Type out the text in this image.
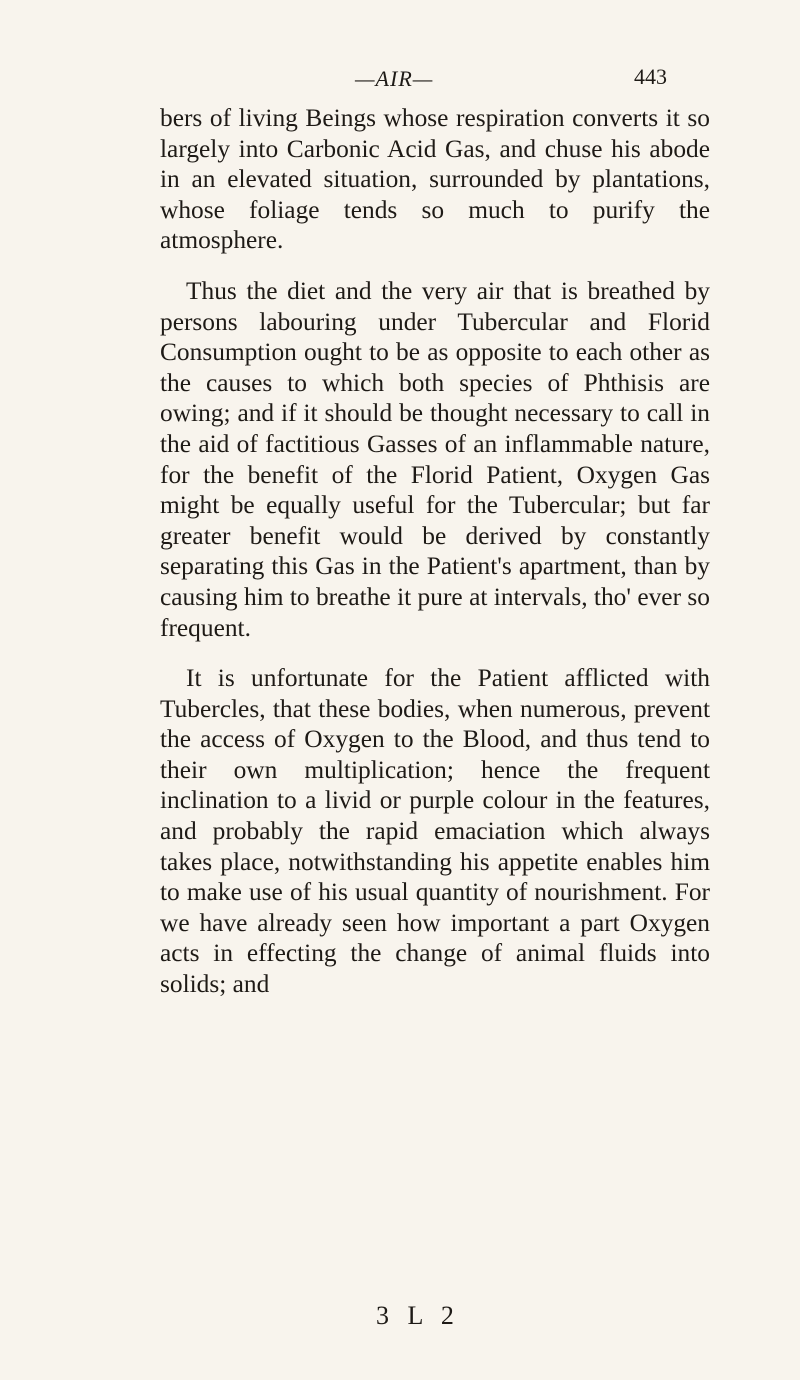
—AIR—	443

bers of living Beings whose respiration converts it so largely into Carbonic Acid Gas, and chuse his abode in an elevated situation, surrounded by plantations, whose foliage tends so much to purify the atmosphere.

Thus the diet and the very air that is breathed by persons labouring under Tubercular and Florid Consumption ought to be as opposite to each other as the causes to which both species of Phthisis are owing; and if it should be thought necessary to call in the aid of factitious Gasses of an inflammable nature, for the benefit of the Florid Patient, Oxygen Gas might be equally useful for the Tubercular; but far greater benefit would be derived by constantly separating this Gas in the Patient's apartment, than by causing him to breathe it pure at intervals, tho' ever so frequent.

It is unfortunate for the Patient afflicted with Tubercles, that these bodies, when numerous, prevent the access of Oxygen to the Blood, and thus tend to their own multiplication; hence the frequent inclination to a livid or purple colour in the features, and probably the rapid emaciation which always takes place, notwithstanding his appetite enables him to make use of his usual quantity of nourishment. For we have already seen how important a part Oxygen acts in effecting the change of animal fluids into solids; and

3 L 2
